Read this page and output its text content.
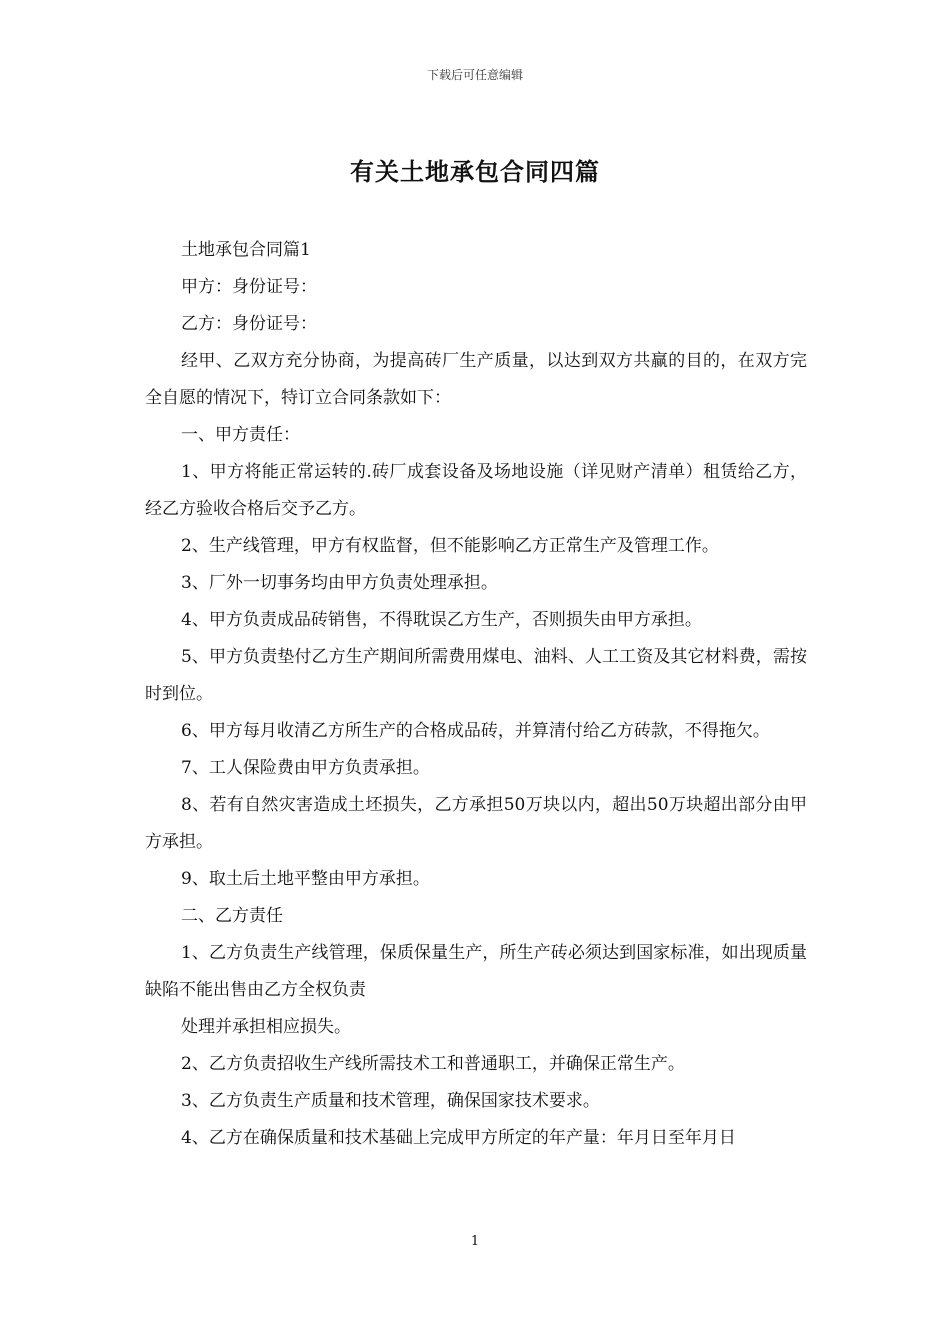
下载后可任意编辑
有关土地承包合同四篇

土地承包合同篇1

甲方：身份证号：

乙方：身份证号：

经甲、乙双方充分协商，为提高砖厂生产质量，以达到双方共赢的目的，在双方完全自愿的情况下，特订立合同条款如下：

一、甲方责任：

1、甲方将能正常运转的.砖厂成套设备及场地设施（详见财产清单）租赁给乙方，经乙方验收合格后交予乙方。

2、生产线管理，甲方有权监督，但不能影响乙方正常生产及管理工作。

3、厂外一切事务均由甲方负责处理承担。

4、甲方负责成品砖销售，不得耽误乙方生产，否则损失由甲方承担。

5、甲方负责垫付乙方生产期间所需费用煤电、油料、人工工资及其它材料费，需按时到位。

6、甲方每月收清乙方所生产的合格成品砖，并算清付给乙方砖款，不得拖欠。

7、工人保险费由甲方负责承担。

8、若有自然灾害造成土坯损失，乙方承担50万块以内，超出50万块超出部分由甲方承担。

9、取土后土地平整由甲方承担。

二、乙方责任

1、乙方负责生产线管理，保质保量生产，所生产砖必须达到国家标准，如出现质量缺陷不能出售由乙方全权负责

处理并承担相应损失。

2、乙方负责招收生产线所需技术工和普通职工，并确保正常生产。

3、乙方负责生产质量和技术管理，确保国家技术要求。

4、乙方在确保质量和技术基础上完成甲方所定的年产量：年月日至年月日

1
